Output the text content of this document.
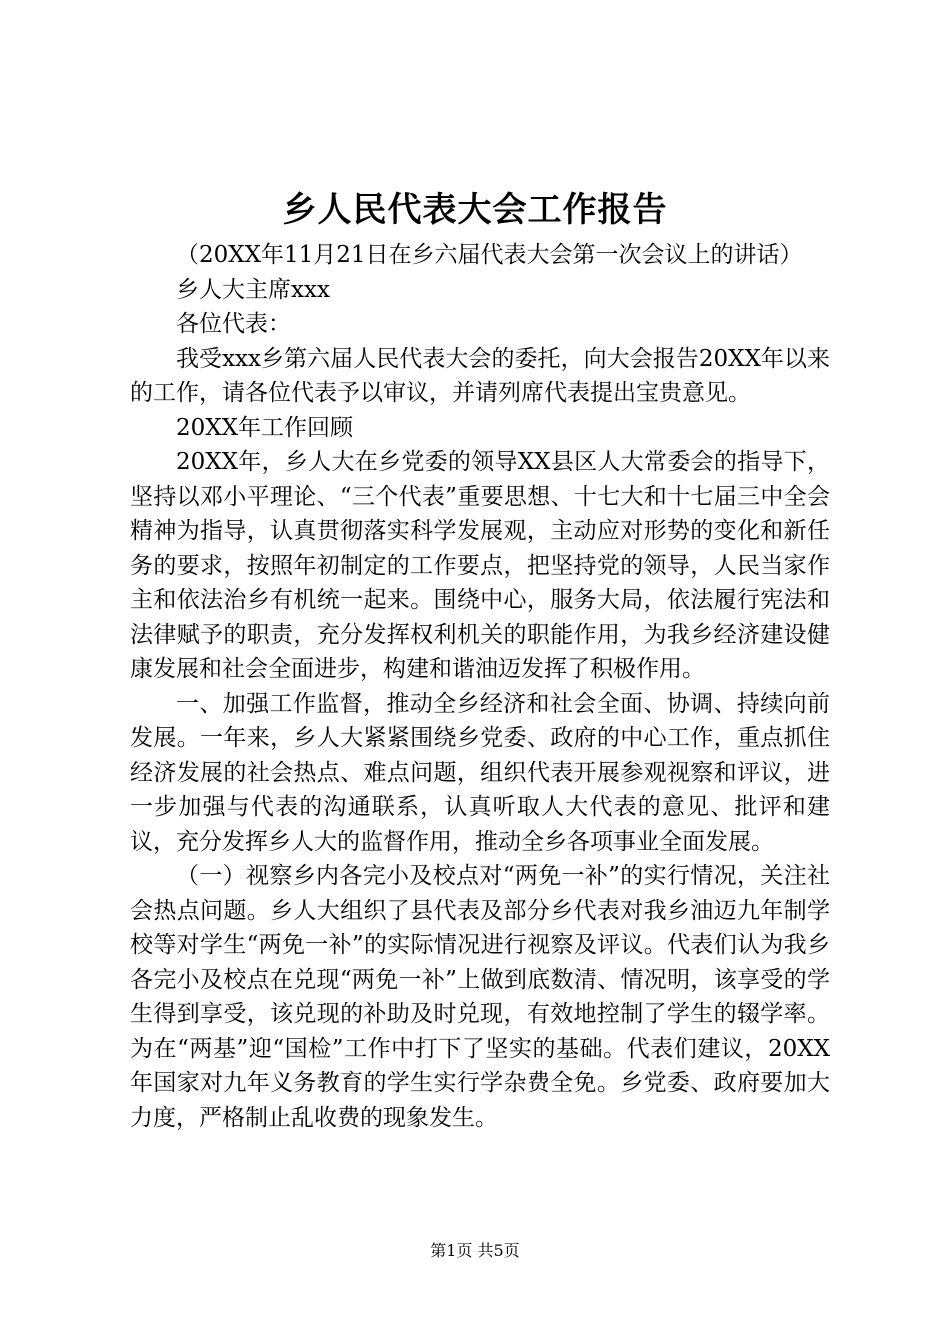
乡人民代表大会工作报告

（20XX年11月21日在乡六届代表大会第一次会议上的讲话）

乡人大主席xxx

各位代表：

我受xxx乡第六届人民代表大会的委托，向大会报告20XX年以来的工作，请各位代表予以审议，并请列席代表提出宝贵意见。

20XX年工作回顾

20XX年，乡人大在乡党委的领导XX县区人大常委会的指导下，坚持以邓小平理论、“三个代表”重要思想、十七大和十七届三中全会精神为指导，认真贯彻落实科学发展观，主动应对形势的变化和新任务的要求，按照年初制定的工作要点，把坚持党的领导，人民当家作主和依法治乡有机统一起来。围绕中心，服务大局，依法履行宪法和法律赋予的职责，充分发挥权利机关的职能作用，为我乡经济建设健康发展和社会全面进步，构建和谐油迈发挥了积极作用。

一、加强工作监督，推动全乡经济和社会全面、协调、持续向前发展。一年来，乡人大紧紧围绕乡党委、政府的中心工作，重点抓住经济发展的社会热点、难点问题，组织代表开展参观视察和评议，进一步加强与代表的沟通联系，认真听取人大代表的意见、批评和建议，充分发挥乡人大的监督作用，推动全乡各项事业全面发展。

（一）视察乡内各完小及校点对“两免一补”的实行情况，关注社会热点问题。乡人大组织了县代表及部分乡代表对我乡油迈九年制学校等对学生“两免一补”的实际情况进行视察及评议。代表们认为我乡各完小及校点在兑现“两免一补”上做到底数清、情况明，该享受的学生得到享受，该兑现的补助及时兑现，有效地控制了学生的辍学率。为在“两基”迎“国检”工作中打下了坚实的基础。代表们建议，20XX年国家对九年义务教育的学生实行学杂费全免。乡党委、政府要加大力度，严格制止乱收费的现象发生。

第1页 共5页
